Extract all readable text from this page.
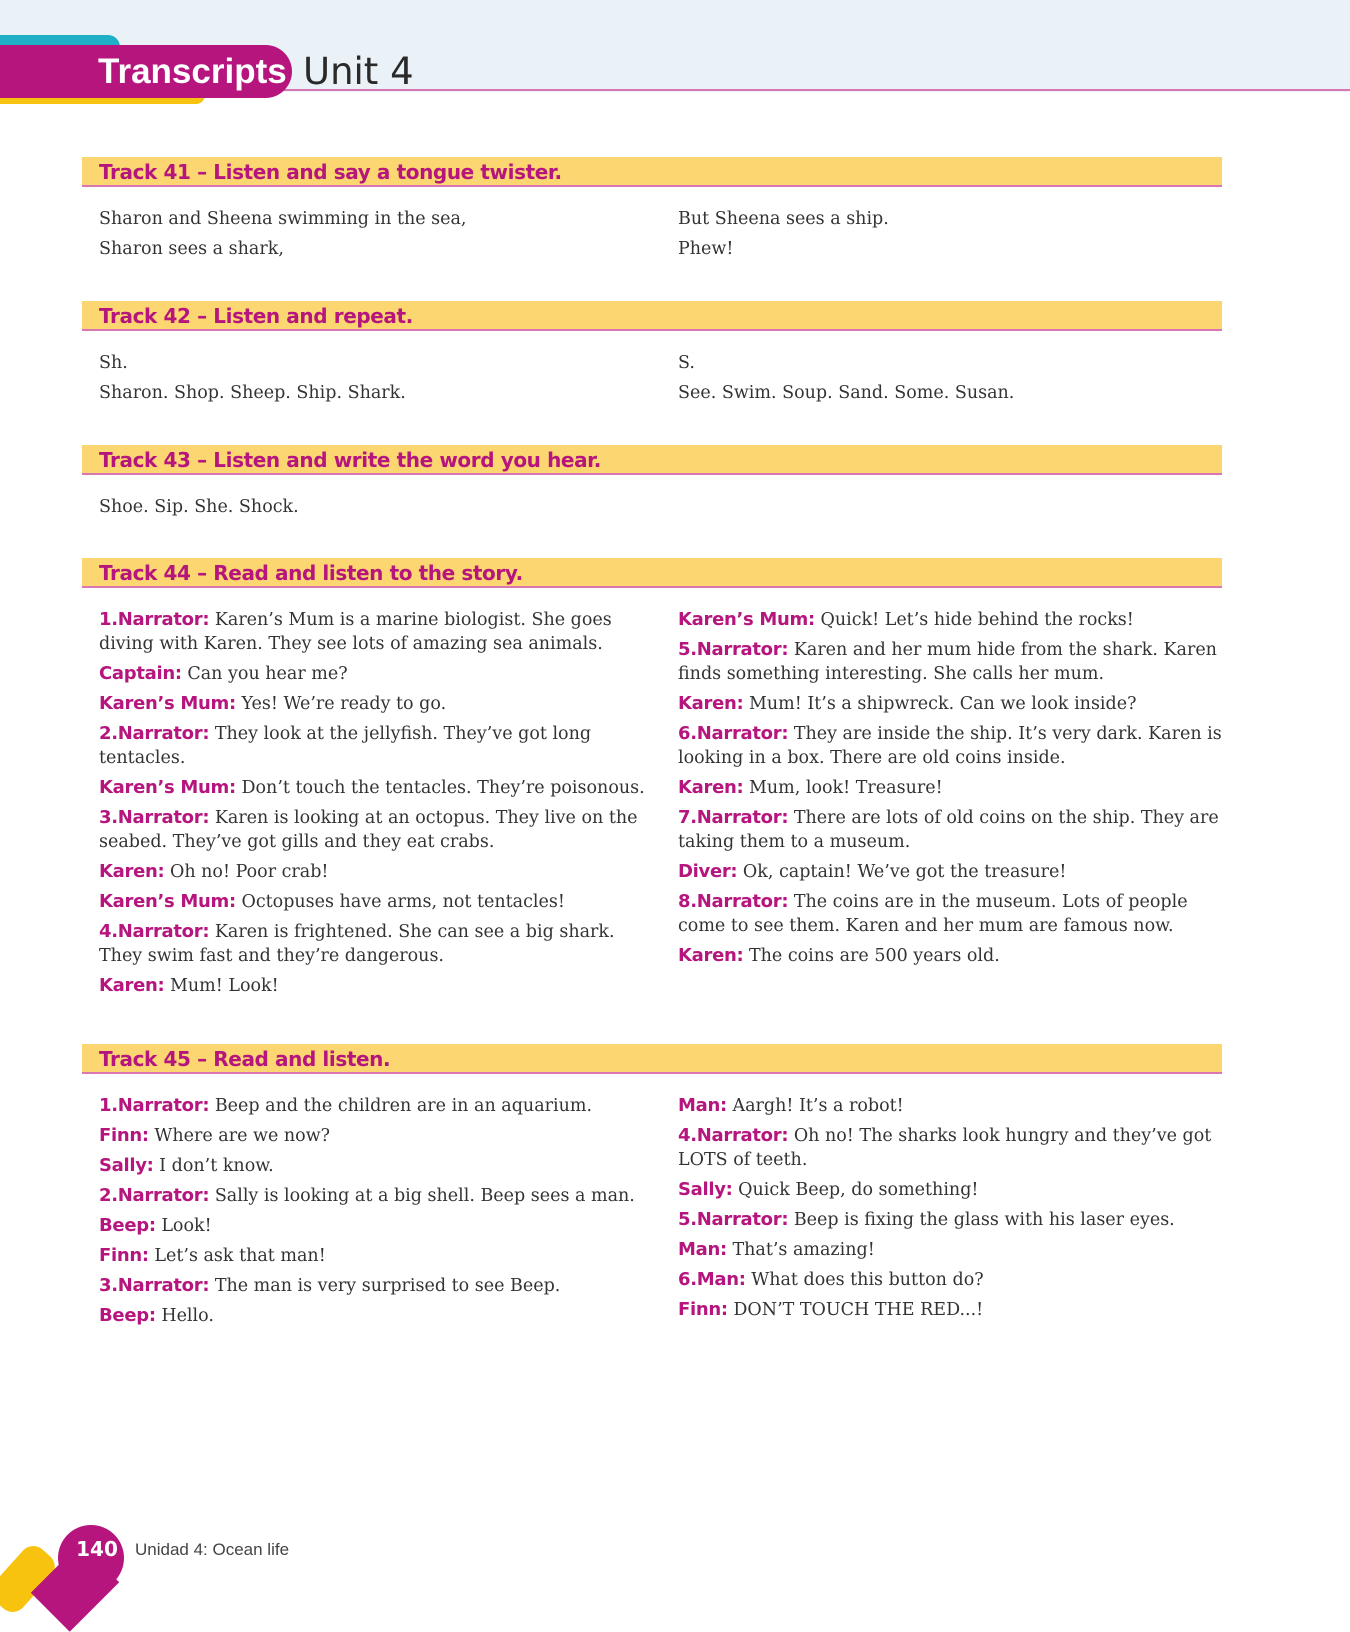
Transcripts Unit 4
Track 41 – Listen and say a tongue twister.
Sharon and Sheena swimming in the sea,
Sharon sees a shark,
But Sheena sees a ship.
Phew!
Track 42 – Listen and repeat.
Sh.
Sharon. Shop. Sheep. Ship. Shark.
S.
See. Swim. Soup. Sand. Some. Susan.
Track 43 – Listen and write the word you hear.
Shoe. Sip. She. Shock.
Track 44 – Read and listen to the story.
1.Narrator: Karen’s Mum is a marine biologist. She goes diving with Karen. They see lots of amazing sea animals.
Captain: Can you hear me?
Karen’s Mum: Yes! We’re ready to go.
2.Narrator: They look at the jellyfish. They’ve got long tentacles.
Karen’s Mum: Don’t touch the tentacles. They’re poisonous.
3.Narrator: Karen is looking at an octopus. They live on the seabed. They’ve got gills and they eat crabs.
Karen: Oh no! Poor crab!
Karen’s Mum: Octopuses have arms, not tentacles!
4.Narrator: Karen is frightened. She can see a big shark. They swim fast and they’re dangerous.
Karen: Mum! Look!
Karen’s Mum: Quick! Let’s hide behind the rocks!
5.Narrator: Karen and her mum hide from the shark. Karen finds something interesting. She calls her mum.
Karen: Mum! It’s a shipwreck. Can we look inside?
6.Narrator: They are inside the ship. It’s very dark. Karen is looking in a box. There are old coins inside.
Karen: Mum, look! Treasure!
7.Narrator: There are lots of old coins on the ship. They are taking them to a museum.
Diver: Ok, captain! We’ve got the treasure!
8.Narrator: The coins are in the museum. Lots of people come to see them. Karen and her mum are famous now.
Karen: The coins are 500 years old.
Track 45 – Read and listen.
1.Narrator: Beep and the children are in an aquarium.
Finn: Where are we now?
Sally: I don’t know.
2.Narrator: Sally is looking at a big shell. Beep sees a man.
Beep: Look!
Finn: Let’s ask that man!
3.Narrator: The man is very surprised to see Beep.
Beep: Hello.
Man: Aargh! It’s a robot!
4.Narrator: Oh no! The sharks look hungry and they’ve got LOTS of teeth.
Sally: Quick Beep, do something!
5.Narrator: Beep is fixing the glass with his laser eyes.
Man: That’s amazing!
6.Man: What does this button do?
Finn: DON’T TOUCH THE RED...!
140	Unidad 4: Ocean life
